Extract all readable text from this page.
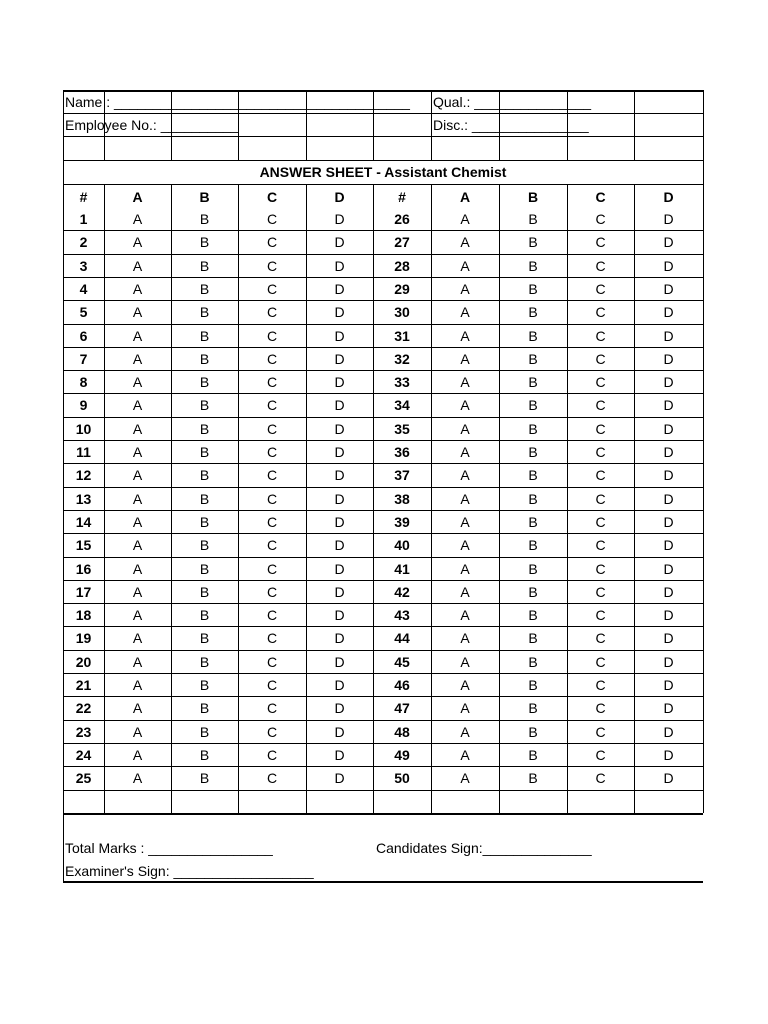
Name : ______________________________________ Qual.: _______________
Employee No.: __________	Disc.: _______________
ANSWER SHEET - Assistant Chemist
#	A	B	C	D	#	A	B	C	D
1	A	B	C	D	26	A	B	C	D
2	A	B	C	D	27	A	B	C	D
3	A	B	C	D	28	A	B	C	D
4	A	B	C	D	29	A	B	C	D
5	A	B	C	D	30	A	B	C	D
6	A	B	C	D	31	A	B	C	D
7	A	B	C	D	32	A	B	C	D
8	A	B	C	D	33	A	B	C	D
9	A	B	C	D	34	A	B	C	D
10	A	B	C	D	35	A	B	C	D
11	A	B	C	D	36	A	B	C	D
12	A	B	C	D	37	A	B	C	D
13	A	B	C	D	38	A	B	C	D
14	A	B	C	D	39	A	B	C	D
15	A	B	C	D	40	A	B	C	D
16	A	B	C	D	41	A	B	C	D
17	A	B	C	D	42	A	B	C	D
18	A	B	C	D	43	A	B	C	D
19	A	B	C	D	44	A	B	C	D
20	A	B	C	D	45	A	B	C	D
21	A	B	C	D	46	A	B	C	D
22	A	B	C	D	47	A	B	C	D
23	A	B	C	D	48	A	B	C	D
24	A	B	C	D	49	A	B	C	D
25	A	B	C	D	50	A	B	C	D
Total Marks : ________________	Candidates Sign:______________
Examiner's Sign: __________________
